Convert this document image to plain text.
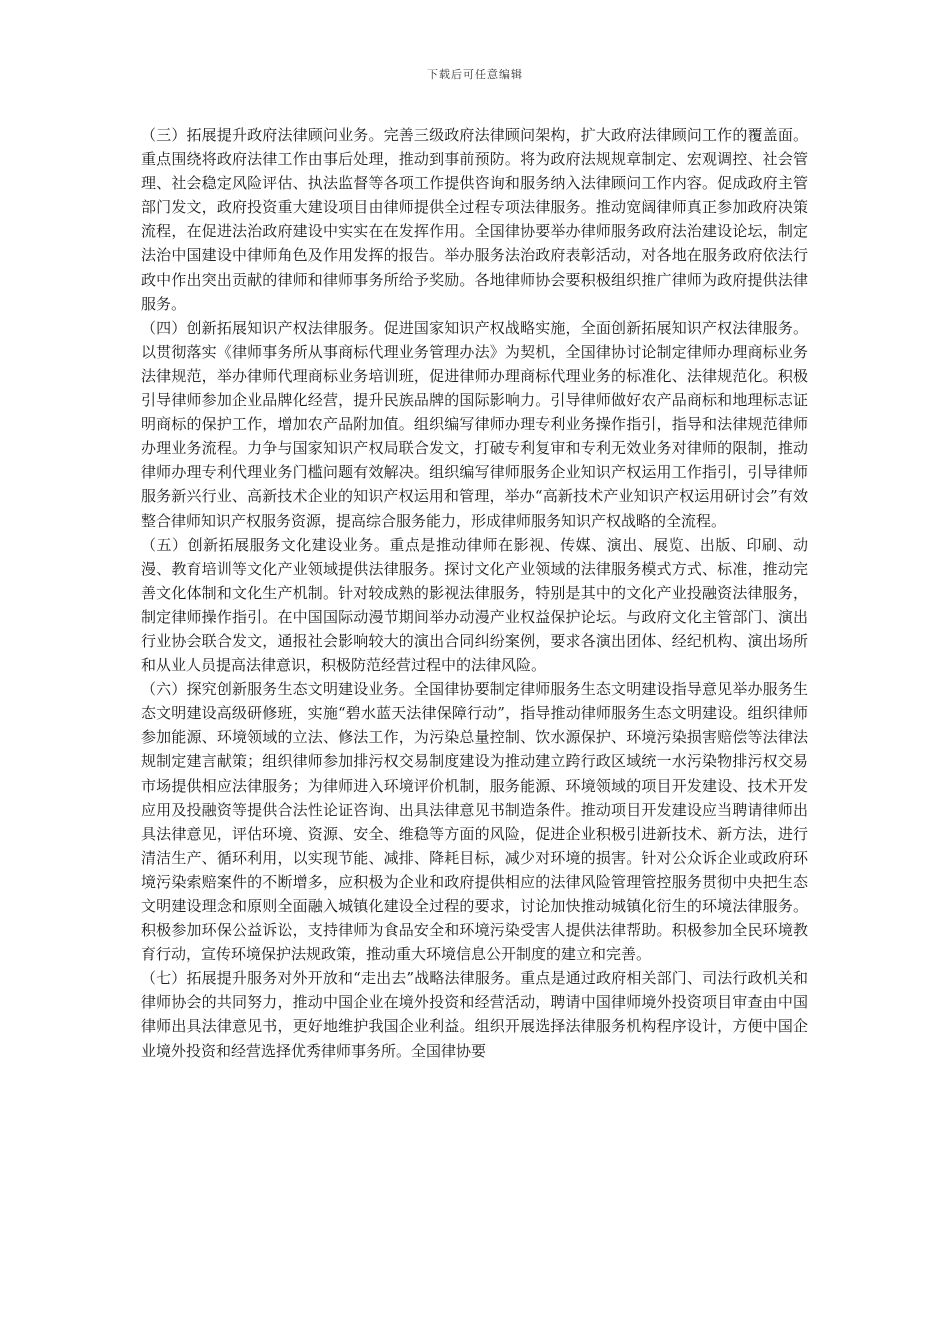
下载后可任意编辑

（三）拓展提升政府法律顾问业务。完善三级政府法律顾问架构，扩大政府法律顾问工作的覆盖面。重点围绕将政府法律工作由事后处理，推动到事前预防。将为政府法规规章制定、宏观调控、社会管理、社会稳定风险评估、执法监督等各项工作提供咨询和服务纳入法律顾问工作内容。促成政府主管部门发文，政府投资重大建设项目由律师提供全过程专项法律服务。推动宽阔律师真正参加政府决策流程，在促进法治政府建设中实实在在发挥作用。全国律协要举办律师服务政府法治建设论坛，制定法治中国建设中律师角色及作用发挥的报告。举办服务法治政府表彰活动，对各地在服务政府依法行政中作出突出贡献的律师和律师事务所给予奖励。各地律师协会要积极组织推广律师为政府提供法律服务。

（四）创新拓展知识产权法律服务。促进国家知识产权战略实施，全面创新拓展知识产权法律服务。以贯彻落实《律师事务所从事商标代理业务管理办法》为契机，全国律协讨论制定律师办理商标业务法律规范，举办律师代理商标业务培训班，促进律师办理商标代理业务的标准化、法律规范化。积极引导律师参加企业品牌化经营，提升民族品牌的国际影响力。引导律师做好农产品商标和地理标志证明商标的保护工作，增加农产品附加值。组织编写律师办理专利业务操作指引，指导和法律规范律师办理业务流程。力争与国家知识产权局联合发文，打破专利复审和专利无效业务对律师的限制，推动律师办理专利代理业务门槛问题有效解决。组织编写律师服务企业知识产权运用工作指引，引导律师服务新兴行业、高新技术企业的知识产权运用和管理，举办“高新技术产业知识产权运用研讨会”有效整合律师知识产权服务资源，提高综合服务能力，形成律师服务知识产权战略的全流程。

（五）创新拓展服务文化建设业务。重点是推动律师在影视、传媒、演出、展览、出版、印刷、动漫、教育培训等文化产业领域提供法律服务。探讨文化产业领域的法律服务模式方式、标准，推动完善文化体制和文化生产机制。针对较成熟的影视法律服务，特别是其中的文化产业投融资法律服务，制定律师操作指引。在中国国际动漫节期间举办动漫产业权益保护论坛。与政府文化主管部门、演出行业协会联合发文，通报社会影响较大的演出合同纠纷案例，要求各演出团体、经纪机构、演出场所和从业人员提高法律意识，积极防范经营过程中的法律风险。

（六）探究创新服务生态文明建设业务。全国律协要制定律师服务生态文明建设指导意见举办服务生态文明建设高级研修班，实施“碧水蓝天法律保障行动”，指导推动律师服务生态文明建设。组织律师参加能源、环境领域的立法、修法工作，为污染总量控制、饮水源保护、环境污染损害赔偿等法律法规制定建言献策；组织律师参加排污权交易制度建设为推动建立跨行政区域统一水污染物排污权交易市场提供相应法律服务；为律师进入环境评价机制，服务能源、环境领域的项目开发建设、技术开发应用及投融资等提供合法性论证咨询、出具法律意见书制造条件。推动项目开发建设应当聘请律师出具法律意见，评估环境、资源、安全、维稳等方面的风险，促进企业积极引进新技术、新方法，进行清洁生产、循环利用，以实现节能、减排、降耗目标，减少对环境的损害。针对公众诉企业或政府环境污染索赔案件的不断增多，应积极为企业和政府提供相应的法律风险管理管控服务贯彻中央把生态文明建设理念和原则全面融入城镇化建设全过程的要求，讨论加快推动城镇化衍生的环境法律服务。积极参加环保公益诉讼，支持律师为食品安全和环境污染受害人提供法律帮助。积极参加全民环境教育行动，宣传环境保护法规政策，推动重大环境信息公开制度的建立和完善。

（七）拓展提升服务对外开放和“走出去”战略法律服务。重点是通过政府相关部门、司法行政机关和律师协会的共同努力，推动中国企业在境外投资和经营活动，聘请中国律师境外投资项目审查由中国律师出具法律意见书，更好地维护我国企业利益。组织开展选择法律服务机构程序设计，方便中国企业境外投资和经营选择优秀律师事务所。全国律协要
